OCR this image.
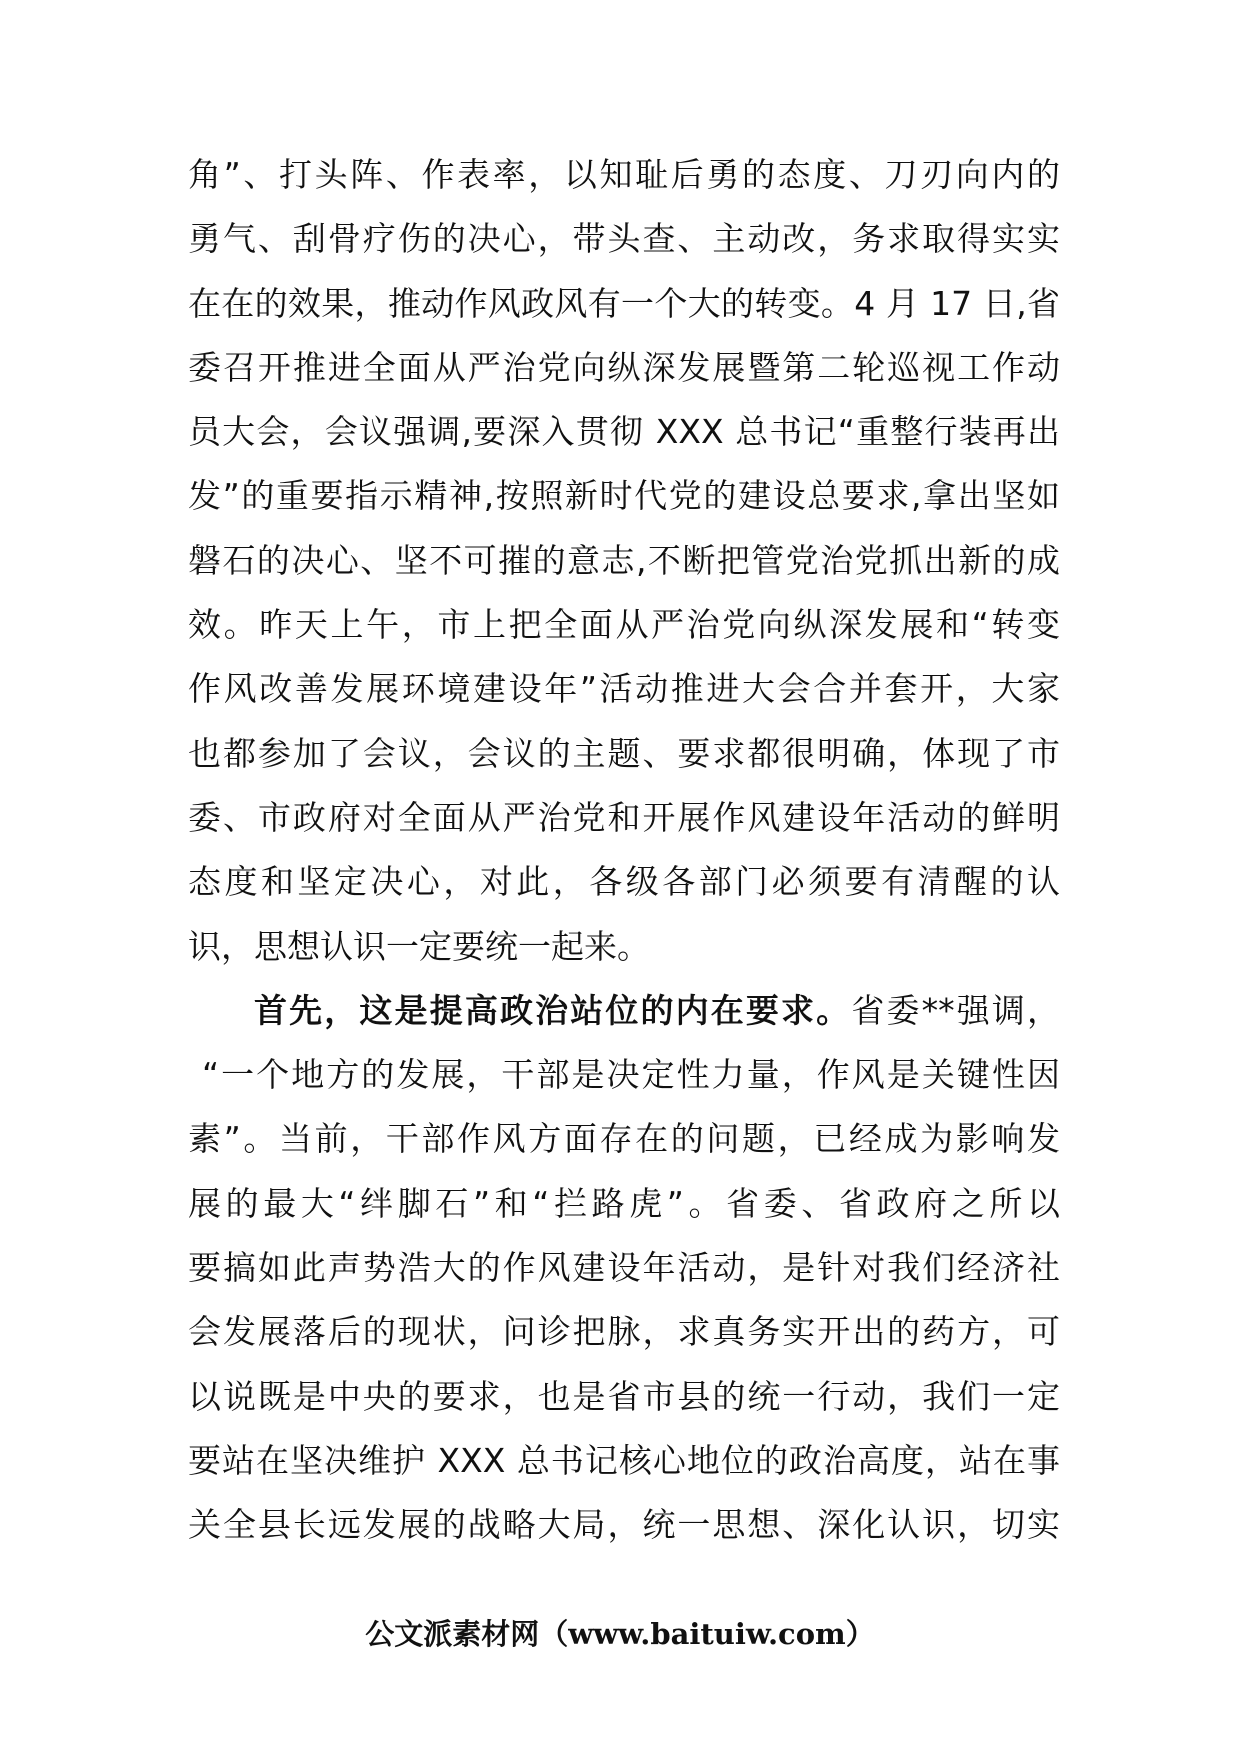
角”、打头阵、作表率，以知耻后勇的态度、刀刃向内的
勇气、刮骨疗伤的决心，带头查、主动改，务求取得实实
在在的效果，推动作风政风有一个大的转变。4 月 17 日,省
委召开推进全面从严治党向纵深发展暨第二轮巡视工作动
员大会，会议强调,要深入贯彻 XXX 总书记“重整行装再出
发”的重要指示精神,按照新时代党的建设总要求,拿出坚如
磐石的决心、坚不可摧的意志,不断把管党治党抓出新的成
效。昨天上午，市上把全面从严治党向纵深发展和“转变
作风改善发展环境建设年”活动推进大会合并套开，大家
也都参加了会议，会议的主题、要求都很明确，体现了市
委、市政府对全面从严治党和开展作风建设年活动的鲜明
态度和坚定决心，对此，各级各部门必须要有清醒的认
识，思想认识一定要统一起来。
首先，这是提高政治站位的内在要求。省委**强调，
“一个地方的发展，干部是决定性力量，作风是关键性因
素”。当前，干部作风方面存在的问题，已经成为影响发
展的最大“绊脚石”和“拦路虎”。省委、省政府之所以
要搞如此声势浩大的作风建设年活动，是针对我们经济社
会发展落后的现状，问诊把脉，求真务实开出的药方，可
以说既是中央的要求，也是省市县的统一行动，我们一定
要站在坚决维护 XXX 总书记核心地位的政治高度，站在事
关全县长远发展的战略大局，统一思想、深化认识，切实
公文派素材网（www.baituiw.com）
